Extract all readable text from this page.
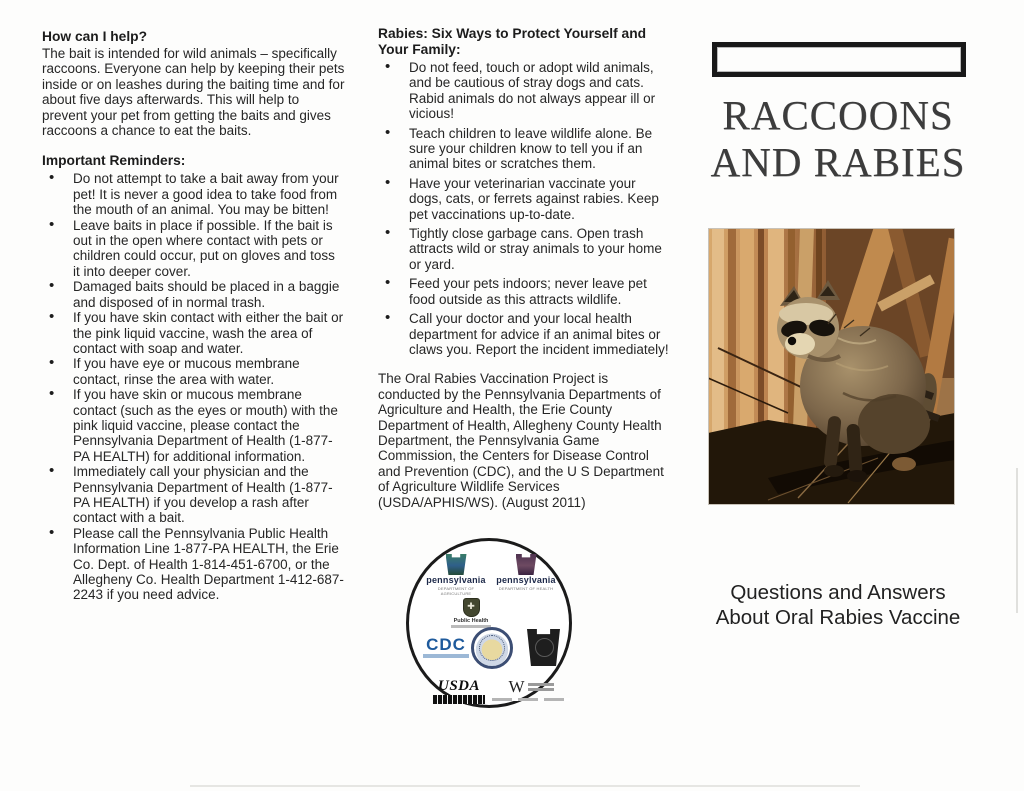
How can I help?
The bait is intended for wild animals – specifically raccoons. Everyone can help by keeping their pets inside or on leashes during the baiting time and for about five days afterwards. This will help to prevent your pet from getting the baits and gives raccoons a chance to eat the baits.
Important Reminders:
• Do not attempt to take a bait away from your pet! It is never a good idea to take food from the mouth of an animal. You may be bitten!
• Leave baits in place if possible. If the bait is out in the open where contact with pets or children could occur, put on gloves and toss it into deeper cover.
• Damaged baits should be placed in a baggie and disposed of in normal trash.
• If you have skin contact with either the bait or the pink liquid vaccine, wash the area of contact with soap and water.
• If you have eye or mucous membrane contact, rinse the area with water.
• If you have skin or mucous membrane contact (such as the eyes or mouth) with the pink liquid vaccine, please contact the Pennsylvania Department of Health (1-877-PA HEALTH) for additional information.
• Immediately call your physician and the Pennsylvania Department of Health (1-877-PA HEALTH) if you develop a rash after contact with a bait.
• Please call the Pennsylvania Public Health Information Line 1-877-PA HEALTH, the Erie Co. Dept. of Health 1-814-451-6700, or the Allegheny Co. Health Department 1-412-687-2243 if you need advice.
Rabies: Six Ways to Protect Yourself and Your Family:
• Do not feed, touch or adopt wild animals, and be cautious of stray dogs and cats. Rabid animals do not always appear ill or vicious!
• Teach children to leave wildlife alone. Be sure your children know to tell you if an animal bites or scratches them.
• Have your veterinarian vaccinate your dogs, cats, or ferrets against rabies. Keep pet vaccinations up-to-date.
• Tightly close garbage cans. Open trash attracts wild or stray animals to your home or yard.
• Feed your pets indoors; never leave pet food outside as this attracts wildlife.
• Call your doctor and your local health department for advice if an animal bites or claws you. Report the incident immediately!
The Oral Rabies Vaccination Project is conducted by the Pennsylvania Departments of Agriculture and Health, the Erie County Department of Health, Allegheny County Health Department, the Pennsylvania Game Commission, the Centers for Disease Control and Prevention (CDC), and the U S Department of Agriculture Wildlife Services (USDA/APHIS/WS). (August 2011)
pennsylvania
DEPARTMENT OF AGRICULTURE
pennsylvania
DEPARTMENT OF HEALTH
✚
Public Health
CDC
USDA	W
RACCOONS
AND RABIES
Questions and Answers
About Oral Rabies Vaccine
